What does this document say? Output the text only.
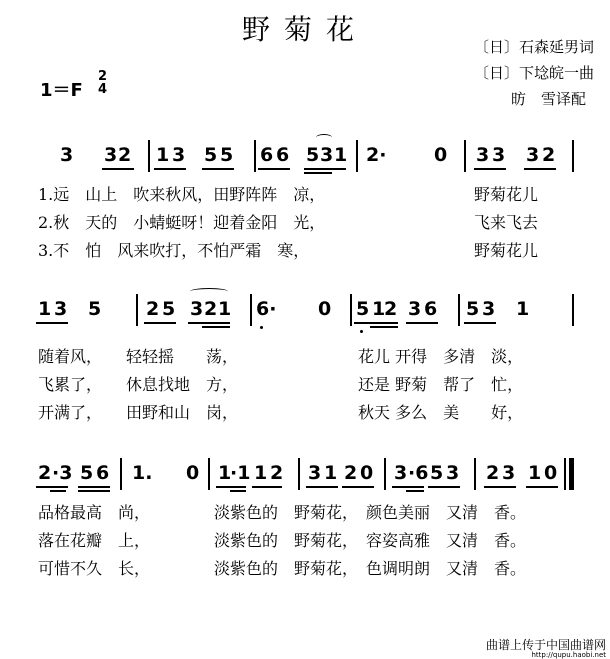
野菊花
〔日〕石森延男词
〔日〕下埝皖一曲
昉　雪译配
1＝F
2
4
3 3 2 1 3 5 5 6 6 5 3 1 2·	0 3 3 3 2
1.远　山上　吹来秋风，田野阵阵　凉，
2.秋　天的　小蜻蜓呀！迎着金阳　光，
3.不　怕　风来吹打，不怕严霜　寒，
野菊花儿
飞来飞去
野菊花儿
1 3 5 2 5 3 2 1 6· 0 5 1
2 3 6 5 3 1
随着风，　　轻轻摇　　荡，
飞累了，　　休息找地　方，
开满了，　　田野和山　岗，
花儿 开得　多清　淡，
还是 野菊　帮了　忙，
秋天 多么　美　　好，
2 ·3 5 6 1. 0 1
·1 1 2 3 1 2 0 3 ·6 5 3 2 3 1 0
品格最高　尚，
落在花瓣　上，
可惜不久　长，
淡紫色的　野菊花，　颜色美丽　又清　香。
淡紫色的　野菊花，　容姿高雅　又清　香。
淡紫色的　野菊花，　色调明朗　又清　香。
曲谱上传于中国曲谱网
http://qupu.haobi.net
